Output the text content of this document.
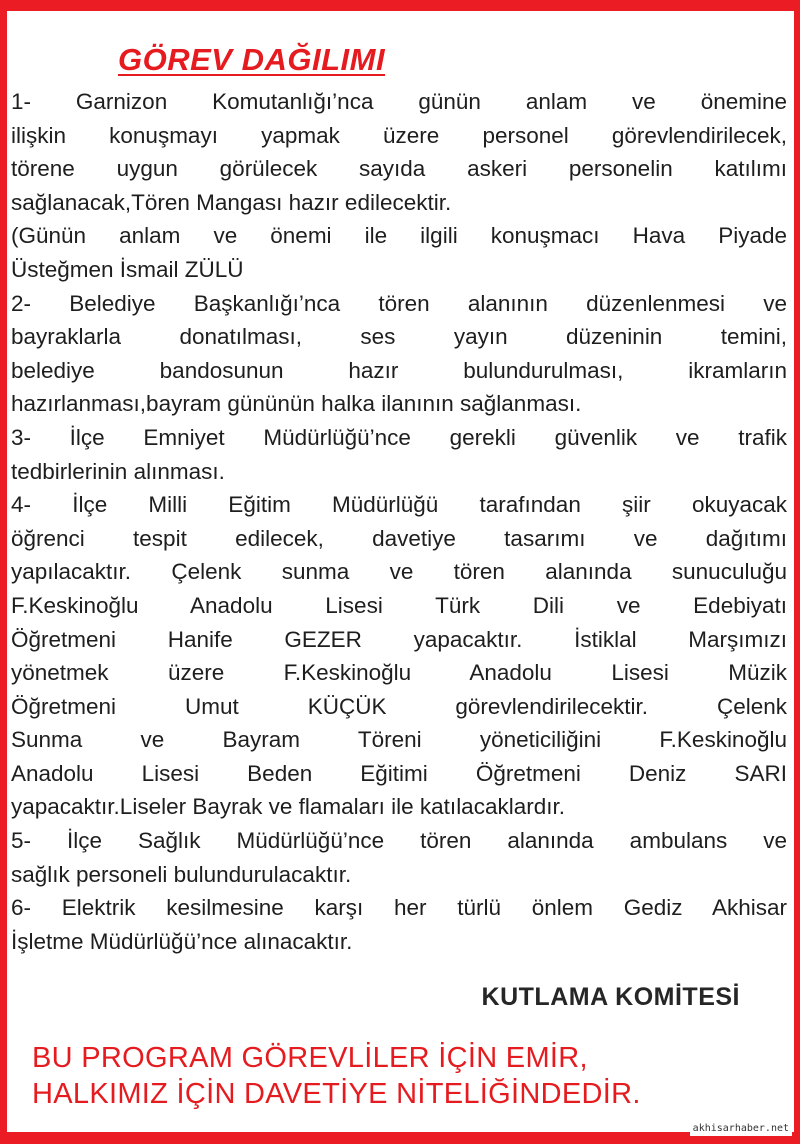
GÖREV DAĞILIMI
1- Garnizon Komutanlığı’nca günün anlam ve önemine
ilişkin konuşmayı yapmak üzere personel görevlendirilecek,
törene uygun görülecek sayıda askeri personelin katılımı
sağlanacak,Tören Mangası hazır edilecektir.
(Günün anlam ve önemi ile ilgili konuşmacı Hava Piyade
Üsteğmen İsmail ZÜLÜ
2- Belediye Başkanlığı’nca tören alanının düzenlenmesi ve
bayraklarla donatılması, ses yayın düzeninin temini,
belediye bandosunun hazır bulundurulması, ikramların
hazırlanması,bayram gününün halka ilanının sağlanması.
3- İlçe Emniyet Müdürlüğü’nce gerekli güvenlik ve trafik
tedbirlerinin alınması.
4- İlçe Milli Eğitim Müdürlüğü tarafından şiir okuyacak
öğrenci tespit edilecek, davetiye tasarımı ve dağıtımı
yapılacaktır. Çelenk sunma ve tören alanında sunuculuğu
F.Keskinoğlu Anadolu Lisesi Türk Dili ve Edebiyatı
Öğretmeni Hanife GEZER yapacaktır. İstiklal Marşımızı
yönetmek üzere F.Keskinoğlu Anadolu Lisesi Müzik
Öğretmeni Umut KÜÇÜK görevlendirilecektir. Çelenk
Sunma ve Bayram Töreni yöneticiliğini F.Keskinoğlu
Anadolu Lisesi Beden Eğitimi Öğretmeni Deniz SARI
yapacaktır.Liseler Bayrak ve flamaları ile katılacaklardır.
5- İlçe Sağlık Müdürlüğü’nce tören alanında ambulans ve
sağlık personeli bulundurulacaktır.
6- Elektrik kesilmesine karşı her türlü önlem Gediz Akhisar
İşletme Müdürlüğü’nce alınacaktır.
KUTLAMA KOMİTESİ
BU PROGRAM GÖREVLİLER İÇİN EMİR,
HALKIMIZ İÇİN DAVETİYE NİTELİĞİNDEDİR.
akhisarhaber.net
